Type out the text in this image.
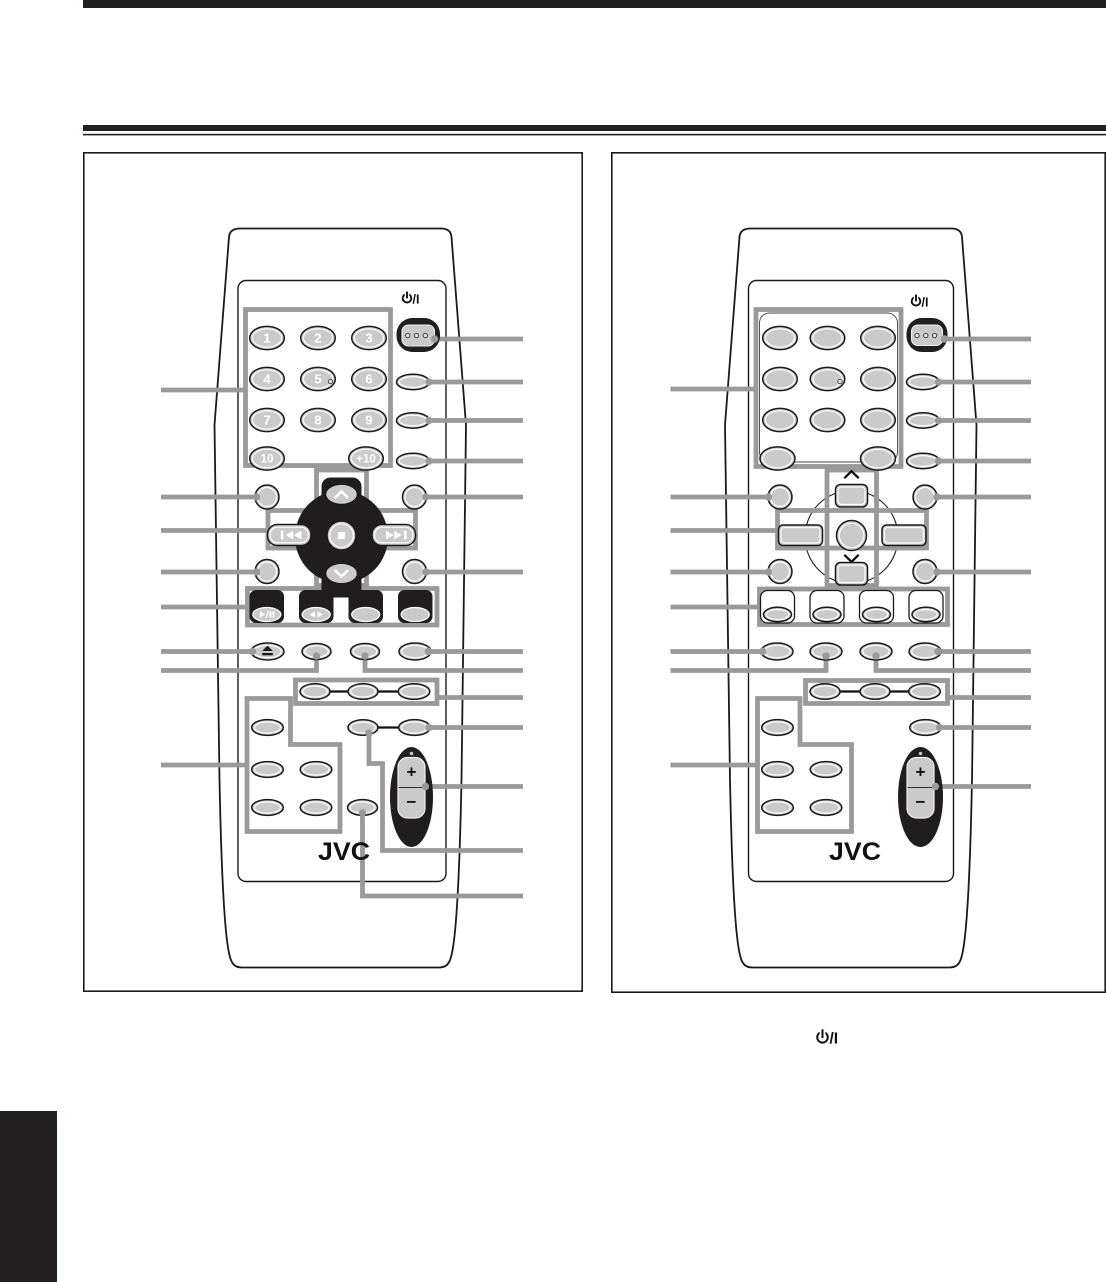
1	2	3
4	5	6
7	8	9
10	+10
/I
+
−
JVC
/I
+
−
JVC
/I
